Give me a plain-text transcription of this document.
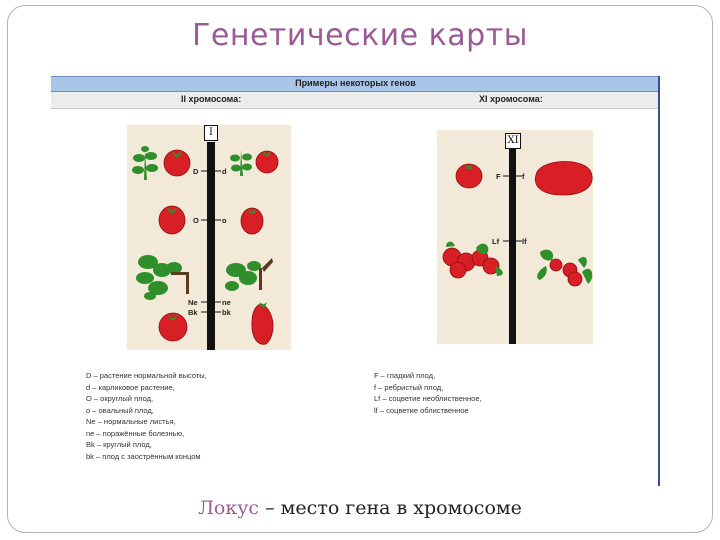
Генетические карты
Примеры некоторых генов
II хромосома:	XI хромосома:
I
D	d
O	o
Ne	ne
Bk	bk
XI
F	f
Lf	lf
D – растение нормальной высоты,
d – карликовое растение,
O – округлый плод,
o – овальный плод,
Ne – нормальные листья,
ne – поражённые болезнью,
Bk – круглый плод,
bk – плод с заострённым концом
F – гладкий плод,
f – ребристый плод,
Lf – соцветие необлиственное,
lf – соцветие облиственное
Локус – место гена в хромосоме
